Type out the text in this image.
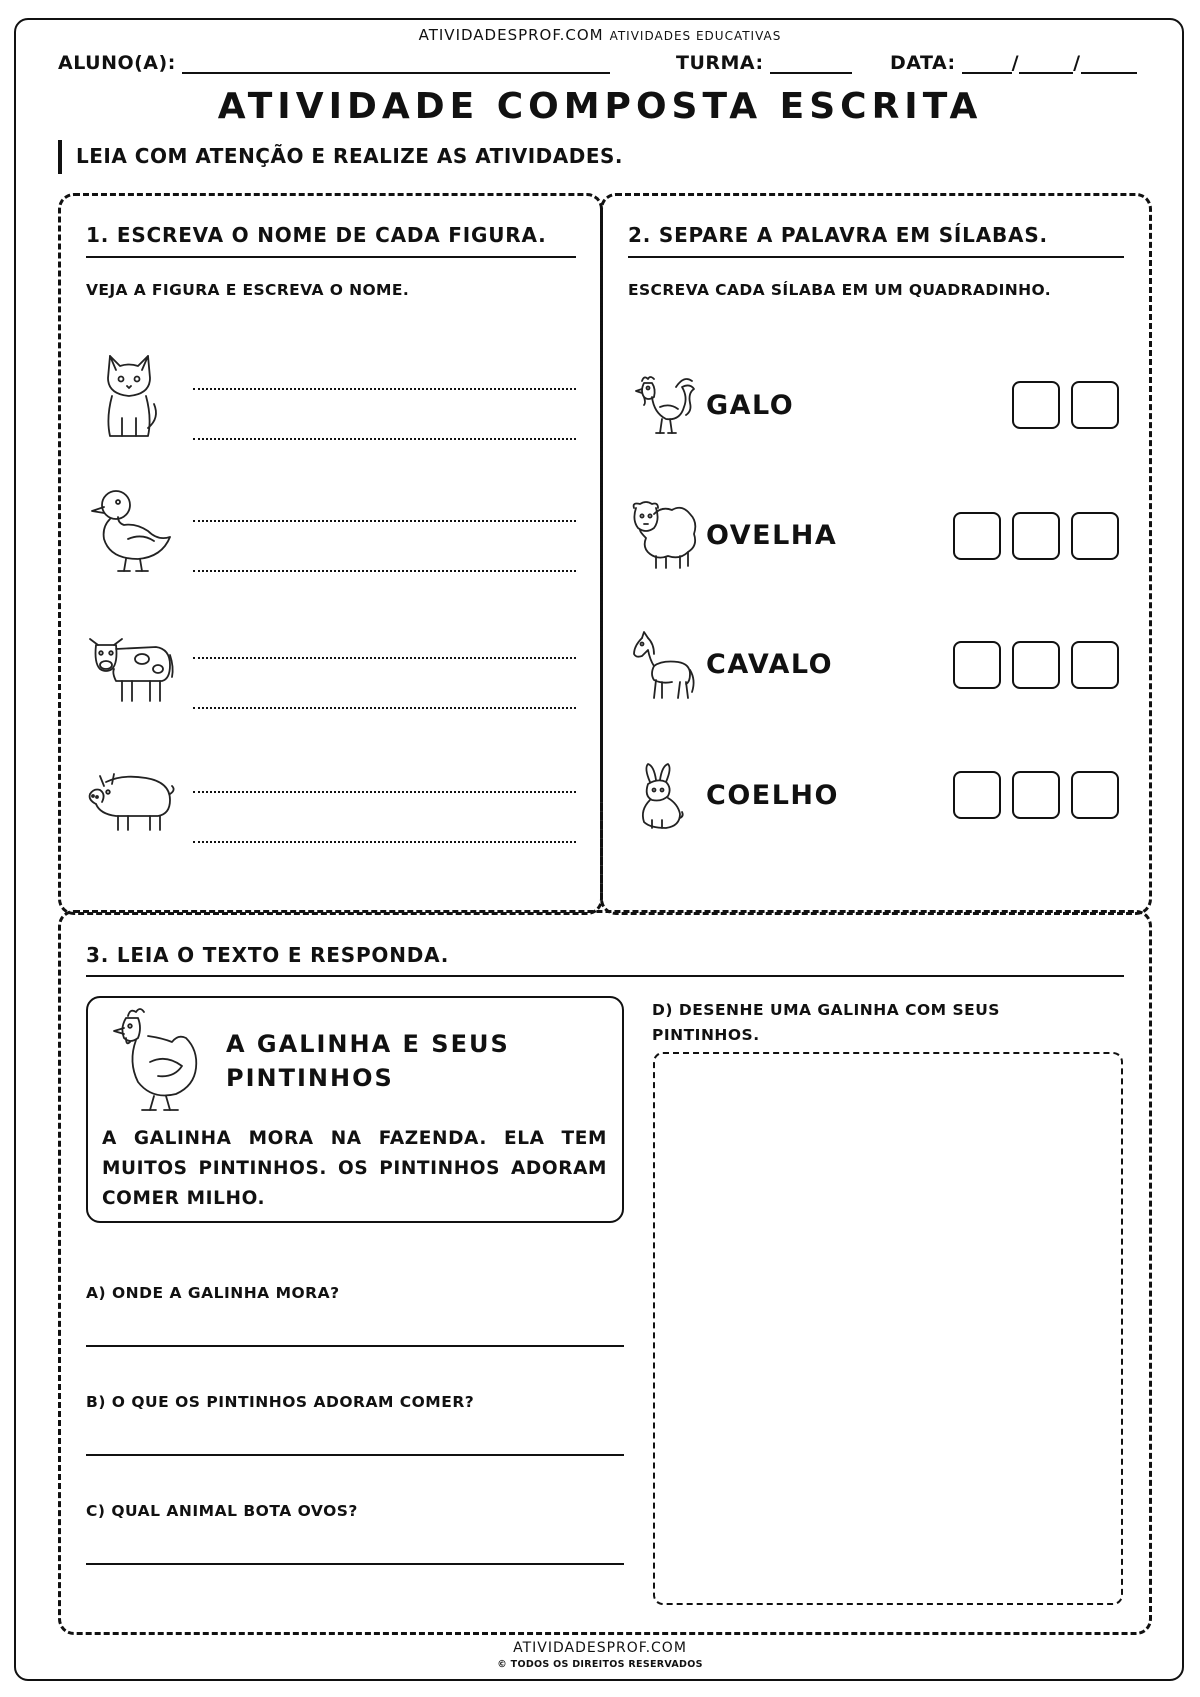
ATIVIDADESPROF.COM ATIVIDADES EDUCATIVAS
ALUNO(A):	TURMA:	DATA:	/	/
ATIVIDADE COMPOSTA ESCRITA
LEIA COM ATENÇÃO E REALIZE AS ATIVIDADES.
1. ESCREVA O NOME DE CADA FIGURA.
VEJA A FIGURA E ESCREVA O NOME.
2. SEPARE A PALAVRA EM SÍLABAS.
ESCREVA CADA SÍLABA EM UM QUADRADINHO.
GALO
OVELHA
CAVALO
COELHO
3. LEIA O TEXTO E RESPONDA.
A GALINHA E SEUS PINTINHOS
A GALINHA MORA NA FAZENDA. ELA TEM MUITOS PINTINHOS. OS PINTINHOS ADORAM COMER MILHO.
A) ONDE A GALINHA MORA?
B) O QUE OS PINTINHOS ADORAM COMER?
C) QUAL ANIMAL BOTA OVOS?
D) DESENHE UMA GALINHA COM SEUS PINTINHOS.
ATIVIDADESPROF.COM
© TODOS OS DIREITOS RESERVADOS
